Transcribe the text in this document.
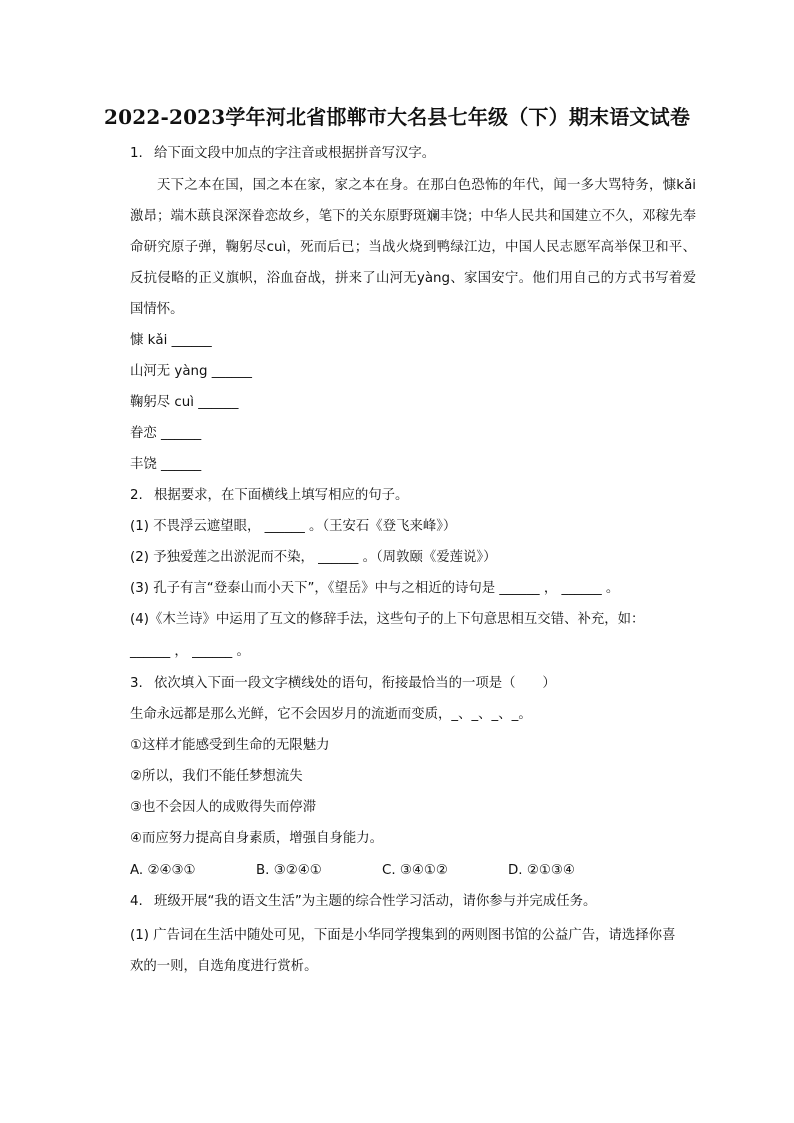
2022-2023学年河北省邯郸市大名县七年级（下）期末语文试卷
1. 给下面文段中加点的字注音或根据拼音写汉字。
天下之本在国，国之本在家，家之本在身。在那白色恐怖的年代，闻一多大骂特务，慷kǎi激昂；端木蕻良深深眷恋故乡，笔下的关东原野斑斓丰饶；中华人民共和国建立不久，邓稼先奉命研究原子弹，鞠躬尽cuì，死而后已；当战火烧到鸭绿江边，中国人民志愿军高举保卫和平、反抗侵略的正义旗帜，浴血奋战，拼来了山河无yàng、家国安宁。他们用自己的方式书写着爱国情怀。
慷 kǎi ______
山河无 yàng ______
鞠躬尽 cuì ______
眷恋 ______
丰饶 ______
2. 根据要求，在下面横线上填写相应的句子。
(1) 不畏浮云遮望眼， ______ 。（王安石《登飞来峰》）
(2) 予独爱莲之出淤泥而不染， ______ 。（周敦颐《爱莲说》）
(3) 孔子有言“登泰山而小天下”，《望岳》中与之相近的诗句是 ______ ， ______ 。
(4)《木兰诗》中运用了互文的修辞手法，这些句子的上下句意思相互交错、补充，如：
______ ， ______ 。
3. 依次填入下面一段文字横线处的语句，衔接最恰当的一项是（　　）
生命永远都是那么光鲜，它不会因岁月的流逝而变质，_、_、_、_。
①这样才能感受到生命的无限魅力
②所以，我们不能任梦想流失
③也不会因人的成败得失而停滞
④而应努力提高自身素质，增强自身能力。
A. ②④③①	B. ③②④①	C. ③④①②	D. ②①③④
4. 班级开展“我的语文生活”为主题的综合性学习活动，请你参与并完成任务。
(1) 广告词在生活中随处可见，下面是小华同学搜集到的两则图书馆的公益广告，请选择你喜
欢的一则，自选角度进行赏析。
